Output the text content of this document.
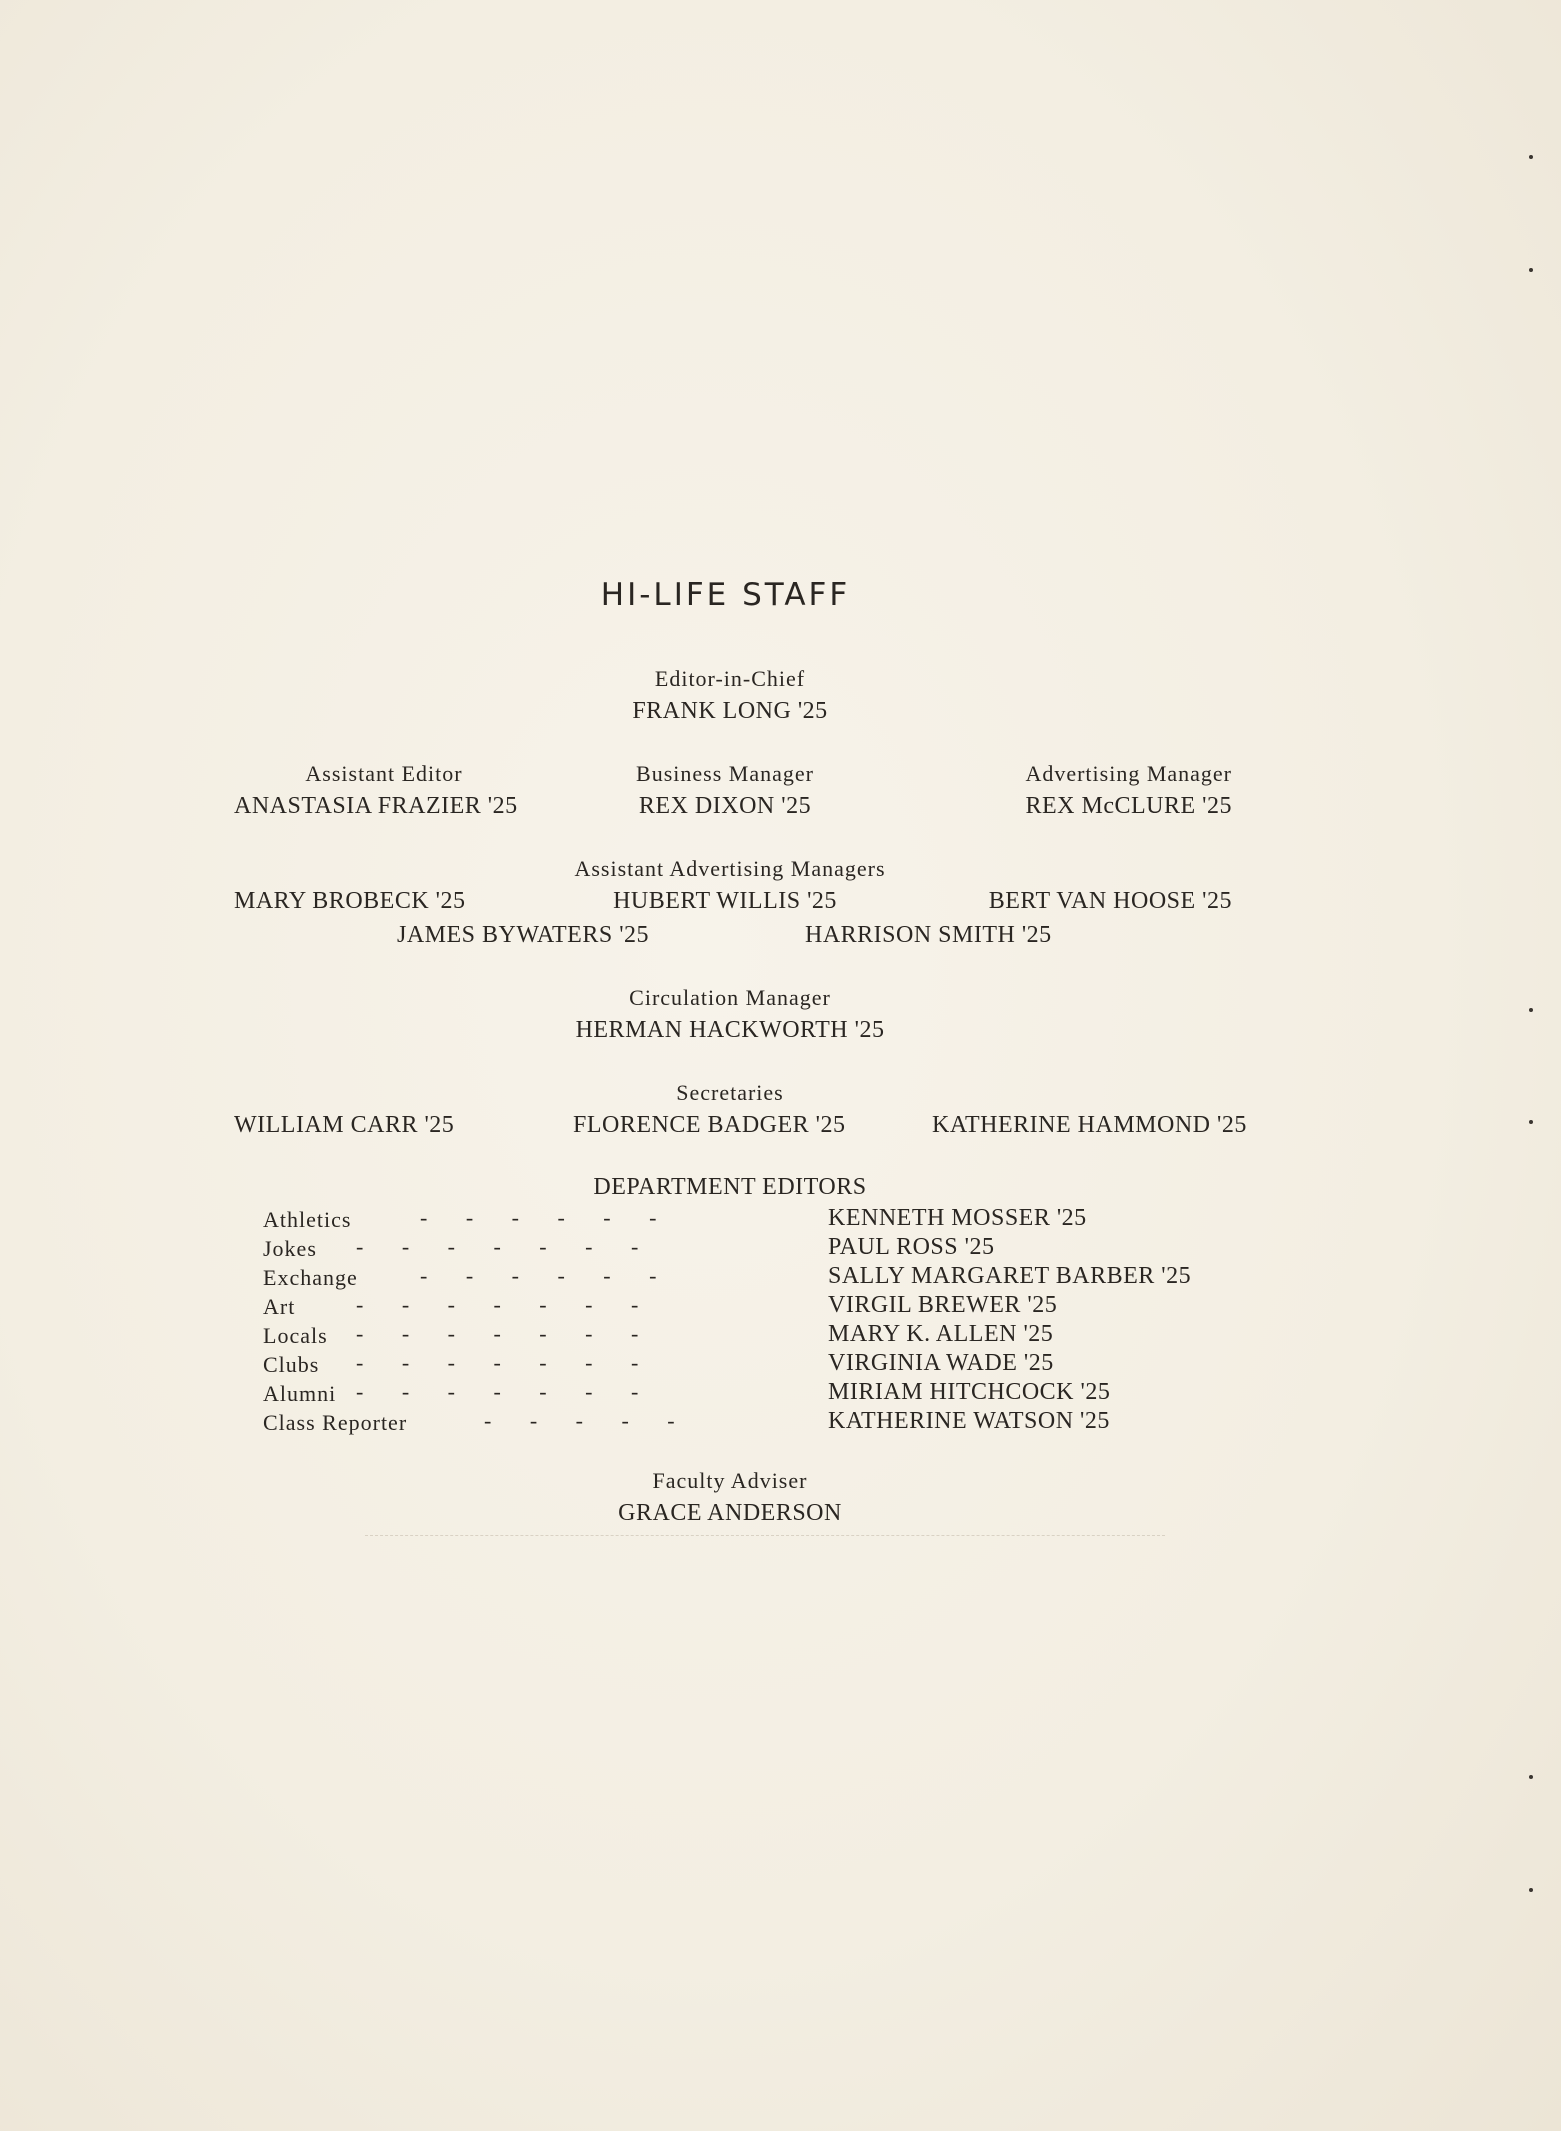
HI-LIFE STAFF
Editor-in-Chief
FRANK LONG '25
Assistant Editor
ANASTASIA FRAZIER '25
Business Manager
REX DIXON '25
Advertising Manager
REX McCLURE '25
Assistant Advertising Managers
MARY BROBECK '25	HUBERT WILLIS '25	BERT VAN HOOSE '25
JAMES BYWATERS '25	HARRISON SMITH '25
Circulation Manager
HERMAN HACKWORTH '25
Secretaries
WILLIAM CARR '25	FLORENCE BADGER '25	KATHERINE HAMMOND '25
DEPARTMENT EDITORS
Athletics	-       -       -       -       -       -	KENNETH MOSSER '25
Jokes -       -       -       -       -       -       -	PAUL ROSS '25
Exchange	-       -       -       -       -       -	SALLY MARGARET BARBER '25
Art	-       -       -       -       -       -       -	VIRGIL BREWER '25
Locals -       -       -       -       -       -       -	MARY K. ALLEN '25
Clubs -       -       -       -       -       -       -	VIRGINIA WADE '25
Alumni -       -       -       -       -       -       -	MIRIAM HITCHCOCK '25
Class Reporter	-       -       -       -       -	KATHERINE WATSON '25
Faculty Adviser
GRACE ANDERSON
